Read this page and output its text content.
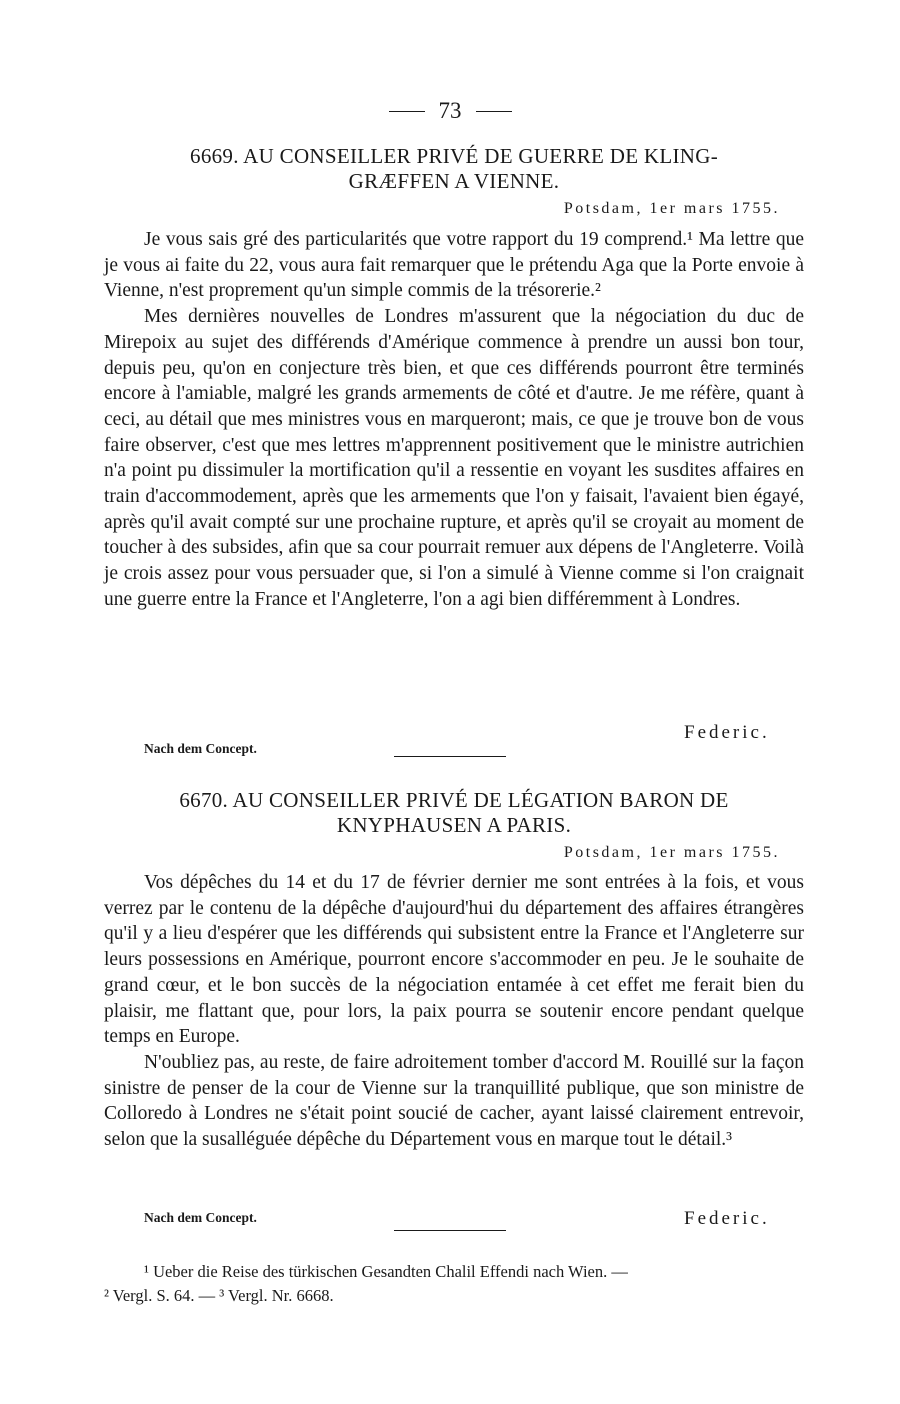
73
6669. AU CONSEILLER PRIVÉ DE GUERRE DE KLING-
GRÆFFEN A VIENNE.
Potsdam, 1er mars 1755.

Je vous sais gré des particularités que votre rapport du 19 comprend.¹ Ma lettre que je vous ai faite du 22, vous aura fait remarquer que le prétendu Aga que la Porte envoie à Vienne, n'est proprement qu'un simple commis de la trésorerie.²

Mes dernières nouvelles de Londres m'assurent que la négociation du duc de Mirepoix au sujet des différends d'Amérique commence à prendre un aussi bon tour, depuis peu, qu'on en conjecture très bien, et que ces différends pourront être terminés encore à l'amiable, malgré les grands armements de côté et d'autre. Je me réfère, quant à ceci, au détail que mes ministres vous en marqueront; mais, ce que je trouve bon de vous faire observer, c'est que mes lettres m'apprennent positivement que le ministre autrichien n'a point pu dissimuler la mortification qu'il a ressentie en voyant les susdites affaires en train d'accommodement, après que les armements que l'on y faisait, l'avaient bien égayé, après qu'il avait compté sur une prochaine rupture, et après qu'il se croyait au moment de toucher à des subsides, afin que sa cour pourrait remuer aux dépens de l'Angleterre. Voilà je crois assez pour vous persuader que, si l'on a simulé à Vienne comme si l'on craignait une guerre entre la France et l'Angleterre, l'on a agi bien différemment à Londres.

Federic.
Nach dem Concept.
6670. AU CONSEILLER PRIVÉ DE LÉGATION BARON DE
KNYPHAUSEN A PARIS.
Potsdam, 1er mars 1755.

Vos dépêches du 14 et du 17 de février dernier me sont entrées à la fois, et vous verrez par le contenu de la dépêche d'aujourd'hui du département des affaires étrangères qu'il y a lieu d'espérer que les différends qui subsistent entre la France et l'Angleterre sur leurs possessions en Amérique, pourront encore s'accommoder en peu. Je le souhaite de grand cœur, et le bon succès de la négociation entamée à cet effet me ferait bien du plaisir, me flattant que, pour lors, la paix pourra se soutenir encore pendant quelque temps en Europe.

N'oubliez pas, au reste, de faire adroitement tomber d'accord M. Rouillé sur la façon sinistre de penser de la cour de Vienne sur la tranquillité publique, que son ministre de Colloredo à Londres ne s'était point soucié de cacher, ayant laissé clairement entrevoir, selon que la susalléguée dépêche du Département vous en marque tout le détail.³

Nach dem Concept.	Federic.
¹ Ueber die Reise des türkischen Gesandten Chalil Effendi nach Wien. —
² Vergl. S. 64. — ³ Vergl. Nr. 6668.
